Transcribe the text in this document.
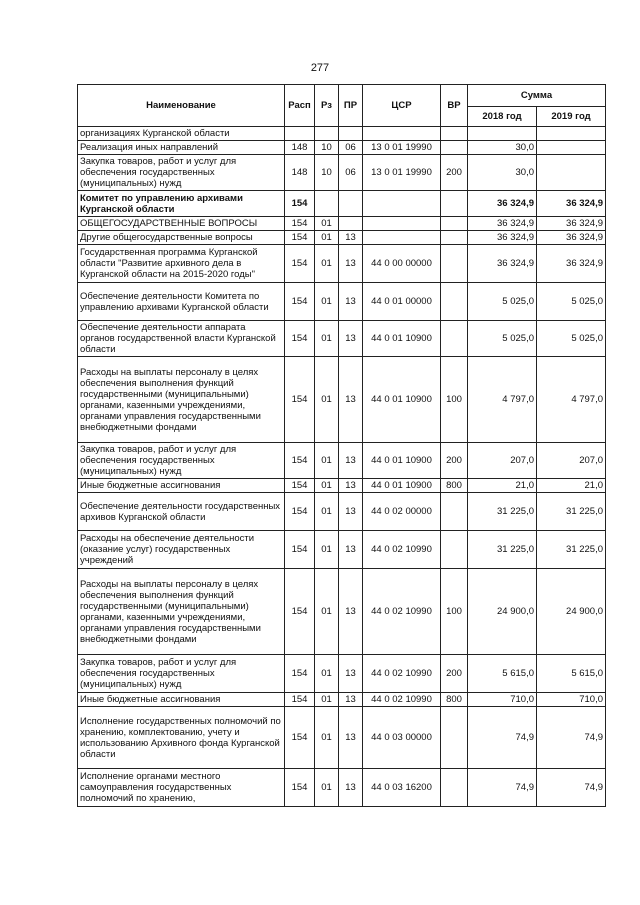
277
Наименование	Расп	Рз	ПР	ЦСР	ВР	Сумма	
						2018 год	2019 год
организациях Курганской области							
Реализация иных направлений	148	10	06	13 0 01 19990		30,0	
Закупка товаров, работ и услуг для обеспечения государственных (муниципальных) нужд	148	10	06	13 0 01 19990	200	30,0	
Комитет по управлению архивами Курганской области	154					36 324,9	36 324,9
ОБЩЕГОСУДАРСТВЕННЫЕ ВОПРОСЫ	154	01				36 324,9	36 324,9
Другие общегосударственные вопросы	154	01	13			36 324,9	36 324,9
Государственная программа Курганской области "Развитие архивного дела в Курганской области на 2015-2020 годы"	154	01	13	44 0 00 00000		36 324,9	36 324,9
Обеспечение деятельности Комитета по управлению архивами Курганской области	154	01	13	44 0 01 00000		5 025,0	5 025,0
Обеспечение деятельности аппарата органов государственной власти Курганской области	154	01	13	44 0 01 10900		5 025,0	5 025,0
Расходы на выплаты персоналу в целях обеспечения выполнения функций государственными (муниципальными) органами, казенными учреждениями, органами управления государственными внебюджетными фондами	154	01	13	44 0 01 10900	100	4 797,0	4 797,0
Закупка товаров, работ и услуг для обеспечения государственных (муниципальных) нужд	154	01	13	44 0 01 10900	200	207,0	207,0
Иные бюджетные ассигнования	154	01	13	44 0 01 10900	800	21,0	21,0
Обеспечение деятельности государственных архивов Курганской области	154	01	13	44 0 02 00000		31 225,0	31 225,0
Расходы на обеспечение деятельности (оказание услуг) государственных учреждений	154	01	13	44 0 02 10990		31 225,0	31 225,0
Расходы на выплаты персоналу в целях обеспечения выполнения функций государственными (муниципальными) органами, казенными учреждениями, органами управления государственными внебюджетными фондами	154	01	13	44 0 02 10990	100	24 900,0	24 900,0
Закупка товаров, работ и услуг для обеспечения государственных (муниципальных) нужд	154	01	13	44 0 02 10990	200	5 615,0	5 615,0
Иные бюджетные ассигнования	154	01	13	44 0 02 10990	800	710,0	710,0
Исполнение государственных полномочий по хранению, комплектованию, учету и использованию Архивного фонда Курганской области	154	01	13	44 0 03 00000		74,9	74,9
Исполнение органами местного самоуправления государственных полномочий по хранению,	154	01	13	44 0 03 16200		74,9	74,9
